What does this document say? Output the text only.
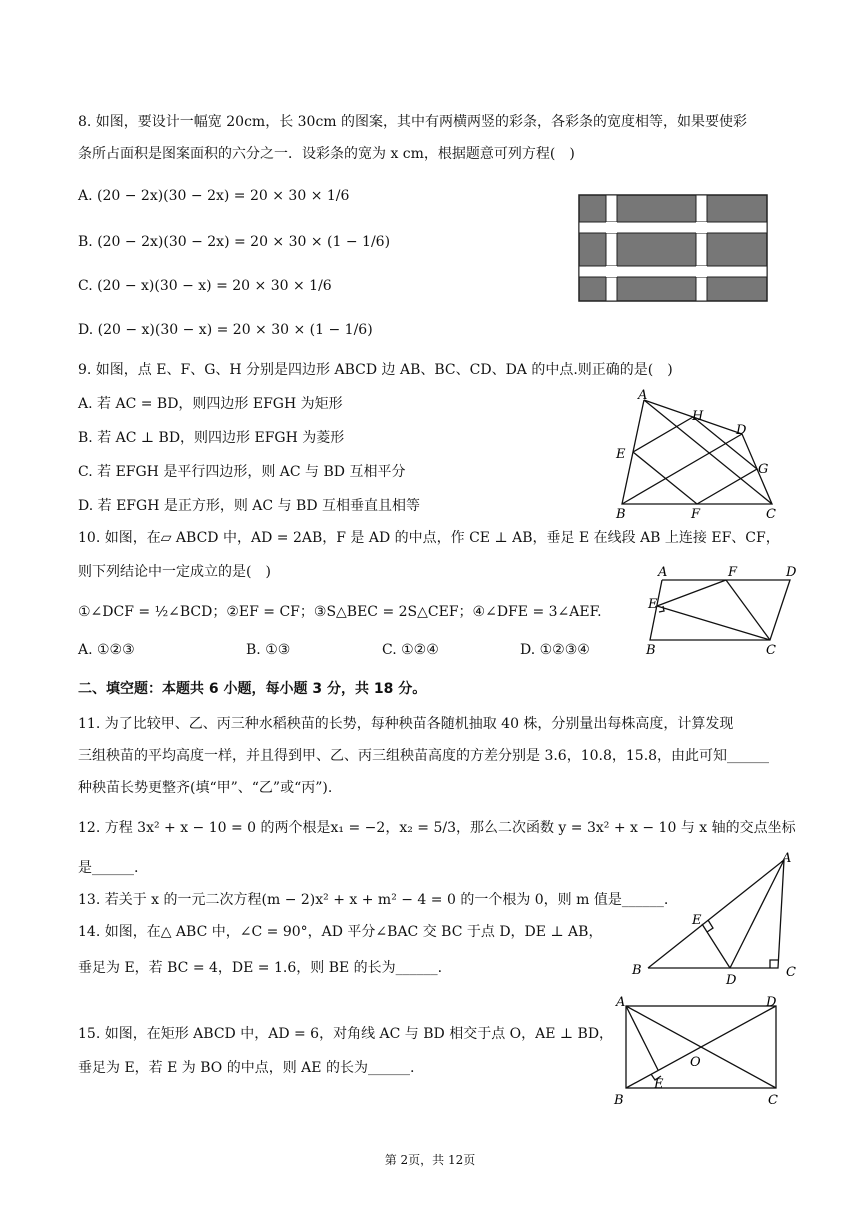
8. 如图，要设计一幅宽 20cm，长 30cm 的图案，其中有两横两竖的彩条，各彩条的宽度相等，如果要使彩
条所占面积是图案面积的六分之一．设彩条的宽为 x cm，根据题意可列方程(　)
A. (20 − 2x)(30 − 2x) = 20 × 30 × 1/6
B. (20 − 2x)(30 − 2x) = 20 × 30 × (1 − 1/6)
C. (20 − x)(30 − x) = 20 × 30 × 1/6
D. (20 − x)(30 − x) = 20 × 30 × (1 − 1/6)
9. 如图，点 E、F、G、H 分别是四边形 ABCD 边 AB、BC、CD、DA 的中点.则正确的是(　)
A. 若 AC = BD，则四边形 EFGH 为矩形
B. 若 AC ⊥ BD，则四边形 EFGH 为菱形
C. 若 EFGH 是平行四边形，则 AC 与 BD 互相平分
D. 若 EFGH 是正方形，则 AC 与 BD 互相垂直且相等
A
H
D
E
G
B	F	C
10. 如图，在▱ ABCD 中，AD = 2AB，F 是 AD 的中点，作 CE ⊥ AB，垂足 E 在线段 AB 上连接 EF、CF，
则下列结论中一定成立的是(　)
①∠DCF = ½∠BCD；②EF = CF；③S△BEC = 2S△CEF；④∠DFE = 3∠AEF.
A. ①②③	B. ①③	C. ①②④	D. ①②③④
A	F	D
E
B	C
二、填空题：本题共 6 小题，每小题 3 分，共 18 分。
11. 为了比较甲、乙、丙三种水稻秧苗的长势，每种秧苗各随机抽取 40 株，分别量出每株高度，计算发现
三组秧苗的平均高度一样，并且得到甲、乙、丙三组秧苗高度的方差分别是 3.6，10.8，15.8，由此可知______
种秧苗长势更整齐(填“甲”、“乙”或“丙”).
12. 方程 3x² + x − 10 = 0 的两个根是x₁ = −2，x₂ = 5/3，那么二次函数 y = 3x² + x − 10 与 x 轴的交点坐标
是______.
13. 若关于 x 的一元二次方程(m − 2)x² + x + m² − 4 = 0 的一个根为 0，则 m 值是______.
14. 如图，在△ ABC 中，∠C = 90°，AD 平分∠BAC 交 BC 于点 D，DE ⊥ AB，
垂足为 E，若 BC = 4，DE = 1.6，则 BE 的长为______.
A
E
B
D
C
15. 如图，在矩形 ABCD 中，AD = 6，对角线 AC 与 BD 相交于点 O，AE ⊥ BD，
垂足为 E，若 E 为 BO 的中点，则 AE 的长为______.
A	D
O
E
B	C
第 2页，共 12页
